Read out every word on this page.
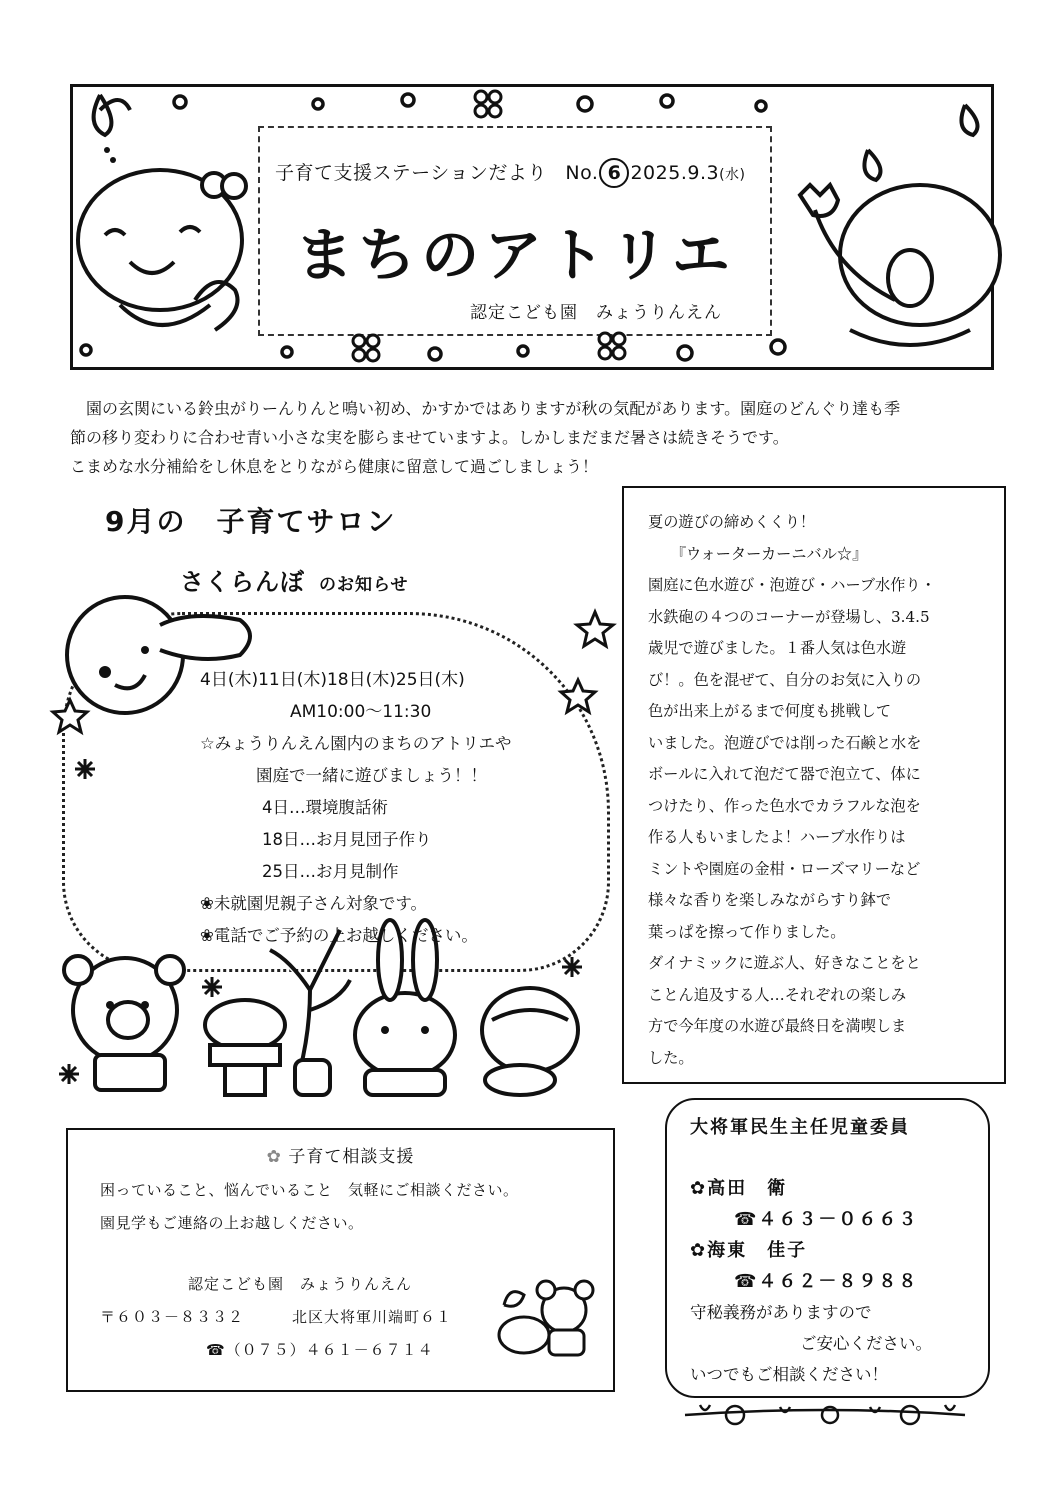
子育て支援ステーションだより No. 6 2025.9.3(水)
まちのアトリエ
認定こども園　みょうりんえん

　園の玄関にいる鈴虫がりーんりんと鳴い初め、かすかではありますが秋の気配があります。園庭のどんぐり達も季

節の移り変わりに合わせ青い小さな実を膨らませていますよ。しかしまだまだ暑さは続きそうです。

こまめな水分補給をし休息をとりながら健康に留意して過ごしましょう！

9月の　子育てサロン
さくらんぼ のお知らせ
4日(木)11日(木)18日(木)25日(木)
AM10:00～11:30
☆みょうりんえん園内のまちのアトリエや
園庭で一緒に遊びましょう！！
4日…環境腹話術
18日…お月見団子作り
25日…お月見制作
❀未就園児親子さん対象です。
❀電話でご予約の上お越しください。
夏の遊びの締めくくり！
　　『ウォーターカーニバル☆』
園庭に色水遊び・泡遊び・ハーブ水作り・
水鉄砲の４つのコーナーが登場し、3.4.5
歳児で遊びました。１番人気は色水遊
び！。色を混ぜて、自分のお気に入りの
色が出来上がるまで何度も挑戦して
いました。泡遊びでは削った石鹸と水を
ボールに入れて泡だて器で泡立て、体に
つけたり、作った色水でカラフルな泡を
作る人もいましたよ！ハーブ水作りは
ミントや園庭の金柑・ローズマリーなど
様々な香りを楽しみながらすり鉢で
葉っぱを擦って作りました。
ダイナミックに遊ぶ人、好きなことをと
ことん追及する人…それぞれの楽しみ
方で今年度の水遊び最終日を満喫しま
した。
✿ 子育て相談支援
困っていること、悩んでいること　気軽にご相談ください。
園見学もご連絡の上お越しください。
認定こども園　みょうりんえん
〒６０３－８３３２	北区大将軍川端町６１
☎（０７５）４６１－６７１４
大将軍民生主任児童委員
✿高田　衛
☎４６３－０６６３
✿海東　佳子
☎４６２－８９８８
守秘義務がありますので
ご安心ください。
いつでもご相談ください！
